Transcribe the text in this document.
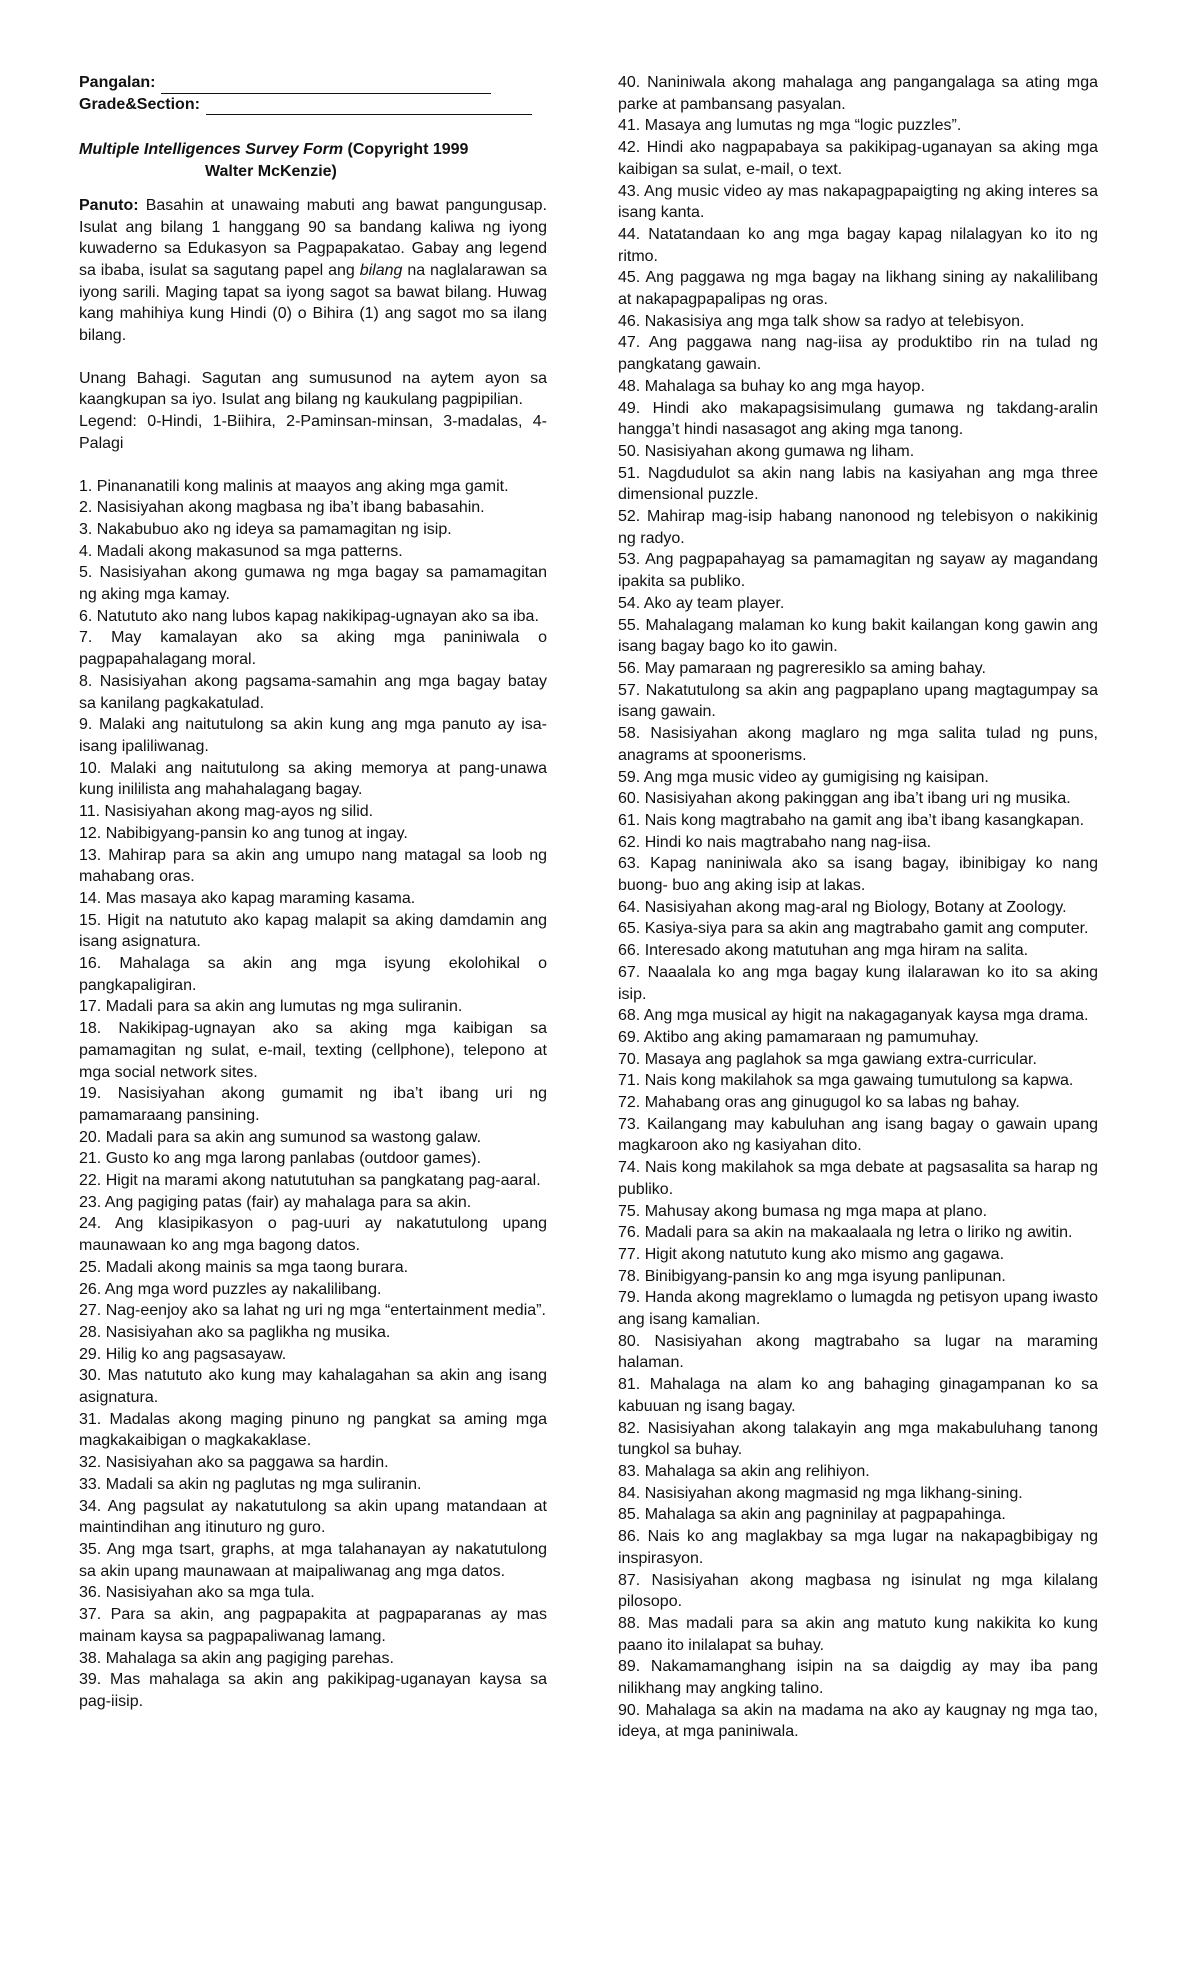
Pangalan:
Grade&Section:
Multiple Intelligences Survey Form (Copyright 1999
Walter McKenzie)

Panuto: Basahin at unawaing mabuti ang bawat pangungusap. Isulat ang bilang 1 hanggang 90 sa bandang kaliwa ng iyong kuwaderno sa Edukasyon sa Pagpapakatao. Gabay ang legend sa ibaba, isulat sa sagutang papel ang bilang na naglalarawan sa iyong sarili. Maging tapat sa iyong sagot sa bawat bilang. Huwag kang mahihiya kung Hindi (0) o Bihira (1) ang sagot mo sa ilang bilang.

Unang Bahagi. Sagutan ang sumusunod na aytem ayon sa kaangkupan sa iyo. Isulat ang bilang ng kaukulang pagpipilian.

Legend: 0-Hindi, 1-Biihira, 2-Paminsan-minsan, 3-madalas, 4-Palagi

1. Pinananatili kong malinis at maayos ang aking mga gamit.
2. Nasisiyahan akong magbasa ng iba’t ibang babasahin.
3. Nakabubuo ako ng ideya sa pamamagitan ng isip.
4. Madali akong makasunod sa mga patterns.
5. Nasisiyahan akong gumawa ng mga bagay sa pamamagitan ng aking mga kamay.
6. Natututo ako nang lubos kapag nakikipag-ugnayan ako sa iba.
7. May kamalayan ako sa aking mga paniniwala o pagpapahalagang moral.
8. Nasisiyahan akong pagsama-samahin ang mga bagay batay sa kanilang pagkakatulad.
9. Malaki ang naitutulong sa akin kung ang mga panuto ay isa-isang ipaliliwanag.
10. Malaki ang naitutulong sa aking memorya at pang-unawa kung inililista ang mahahalagang bagay.
11. Nasisiyahan akong mag-ayos ng silid.
12. Nabibigyang-pansin ko ang tunog at ingay.
13. Mahirap para sa akin ang umupo nang matagal sa loob ng mahabang oras.
14. Mas masaya ako kapag maraming kasama.
15. Higit na natututo ako kapag malapit sa aking damdamin ang isang asignatura.
16. Mahalaga sa akin ang mga isyung ekolohikal o pangkapaligiran.
17. Madali para sa akin ang lumutas ng mga suliranin.
18. Nakikipag-ugnayan ako sa aking mga kaibigan sa pamamagitan ng sulat, e-mail, texting (cellphone), telepono at mga social network sites.
19. Nasisiyahan akong gumamit ng iba’t ibang uri ng pamamaraang pansining.
20. Madali para sa akin ang sumunod sa wastong galaw.
21. Gusto ko ang mga larong panlabas (outdoor games).
22. Higit na marami akong natututuhan sa pangkatang pag-aaral.
23. Ang pagiging patas (fair) ay mahalaga para sa akin.
24. Ang klasipikasyon o pag-uuri ay nakatutulong upang maunawaan ko ang mga bagong datos.
25. Madali akong mainis sa mga taong burara.
26. Ang mga word puzzles ay nakalilibang.
27. Nag-eenjoy ako sa lahat ng uri ng mga “entertainment media”.
28. Nasisiyahan ako sa paglikha ng musika.
29. Hilig ko ang pagsasayaw.
30. Mas natututo ako kung may kahalagahan sa akin ang isang asignatura.
31. Madalas akong maging pinuno ng pangkat sa aming mga magkakaibigan o magkakaklase.
32. Nasisiyahan ako sa paggawa sa hardin.
33. Madali sa akin ng paglutas ng mga suliranin.
34. Ang pagsulat ay nakatutulong sa akin upang matandaan at maintindihan ang itinuturo ng guro.
35. Ang mga tsart, graphs, at mga talahanayan ay nakatutulong sa akin upang maunawaan at maipaliwanag ang mga datos.
36. Nasisiyahan ako sa mga tula.
37. Para sa akin, ang pagpapakita at pagpaparanas ay mas mainam kaysa sa pagpapaliwanag lamang.
38. Mahalaga sa akin ang pagiging parehas.
39. Mas mahalaga sa akin ang pakikipag-uganayan kaysa sa pag-iisip.
40. Naniniwala akong mahalaga ang pangangalaga sa ating mga parke at pambansang pasyalan.
41. Masaya ang lumutas ng mga “logic puzzles”.
42. Hindi ako nagpapabaya sa pakikipag-uganayan sa aking mga kaibigan sa sulat, e-mail, o text.
43. Ang music video ay mas nakapagpapaigting ng aking interes sa isang kanta.
44. Natatandaan ko ang mga bagay kapag nilalagyan ko ito ng ritmo.
45. Ang paggawa ng mga bagay na likhang sining ay nakalilibang at nakapagpapalipas ng oras.
46. Nakasisiya ang mga talk show sa radyo at telebisyon.
47. Ang paggawa nang nag-iisa ay produktibo rin na tulad ng pangkatang gawain.
48. Mahalaga sa buhay ko ang mga hayop.
49. Hindi ako makapagsisimulang gumawa ng takdang-aralin hangga’t hindi nasasagot ang aking mga tanong.
50. Nasisiyahan akong gumawa ng liham.
51. Nagdudulot sa akin nang labis na kasiyahan ang mga three dimensional puzzle.
52. Mahirap mag-isip habang nanonood ng telebisyon o nakikinig ng radyo.
53. Ang pagpapahayag sa pamamagitan ng sayaw ay magandang ipakita sa publiko.
54. Ako ay team player.
55. Mahalagang malaman ko kung bakit kailangan kong gawin ang isang bagay bago ko ito gawin.
56. May pamaraan ng pagreresiklo sa aming bahay.
57. Nakatutulong sa akin ang pagpaplano upang magtagumpay sa isang gawain.
58. Nasisiyahan akong maglaro ng mga salita tulad ng puns, anagrams at spoonerisms.
59. Ang mga music video ay gumigising ng kaisipan.
60. Nasisiyahan akong pakinggan ang iba’t ibang uri ng musika.
61. Nais kong magtrabaho na gamit ang iba’t ibang kasangkapan.
62. Hindi ko nais magtrabaho nang nag-iisa.
63. Kapag naniniwala ako sa isang bagay, ibinibigay ko nang buong- buo ang aking isip at lakas.
64. Nasisiyahan akong mag-aral ng Biology, Botany at Zoology.
65. Kasiya-siya para sa akin ang magtrabaho gamit ang computer.
66. Interesado akong matutuhan ang mga hiram na salita.
67. Naaalala ko ang mga bagay kung ilalarawan ko ito sa aking isip.
68. Ang mga musical ay higit na nakagaganyak kaysa mga drama.
69. Aktibo ang aking pamamaraan ng pamumuhay.
70. Masaya ang paglahok sa mga gawiang extra-curricular.
71. Nais kong makilahok sa mga gawaing tumutulong sa kapwa.
72. Mahabang oras ang ginugugol ko sa labas ng bahay.
73. Kailangang may kabuluhan ang isang bagay o gawain upang magkaroon ako ng kasiyahan dito.
74. Nais kong makilahok sa mga debate at pagsasalita sa harap ng publiko.
75. Mahusay akong bumasa ng mga mapa at plano.
76. Madali para sa akin na makaalaala ng letra o liriko ng awitin.
77. Higit akong natututo kung ako mismo ang gagawa.
78. Binibigyang-pansin ko ang mga isyung panlipunan.
79. Handa akong magreklamo o lumagda ng petisyon upang iwasto ang isang kamalian.
80. Nasisiyahan akong magtrabaho sa lugar na maraming halaman.
81. Mahalaga na alam ko ang bahaging ginagampanan ko sa kabuuan ng isang bagay.
82. Nasisiyahan akong talakayin ang mga makabuluhang tanong tungkol sa buhay.
83. Mahalaga sa akin ang relihiyon.
84. Nasisiyahan akong magmasid ng mga likhang-sining.
85. Mahalaga sa akin ang pagninilay at pagpapahinga.
86. Nais ko ang maglakbay sa mga lugar na nakapagbibigay ng inspirasyon.
87. Nasisiyahan akong magbasa ng isinulat ng mga kilalang pilosopo.
88. Mas madali para sa akin ang matuto kung nakikita ko kung paano ito inilalapat sa buhay.
89. Nakamamanghang isipin na sa daigdig ay may iba pang nilikhang may angking talino.
90. Mahalaga sa akin na madama na ako ay kaugnay ng mga tao, ideya, at mga paniniwala.
